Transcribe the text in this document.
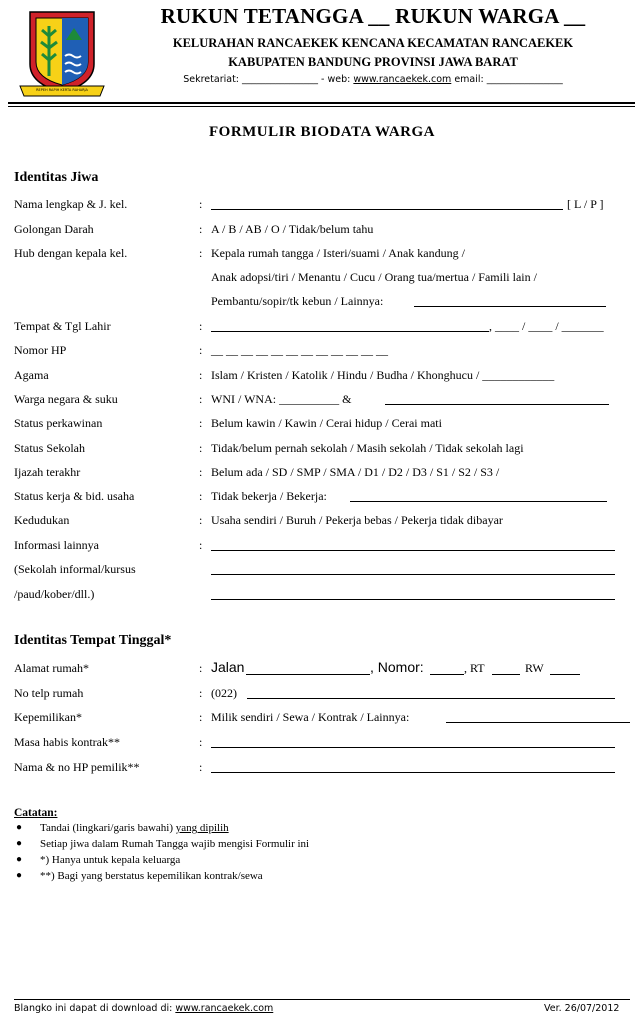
REPEH RAPIH KERTA RAHARJA
RUKUN TETANGGA __ RUKUN WARGA __
KELURAHAN RANCAEKEK KENCANA KECAMATAN RANCAEKEK
KABUPATEN BANDUNG PROVINSI JAWA BARAT
Sekretariat: ________________ - web: www.rancaekek.com email: ________________
FORMULIR BIODATA WARGA
Identitas Jiwa
Nama lengkap & J. kel.	:	[ L / P ]
Golongan Darah	: A / B / AB / O / Tidak/belum tahu
Hub dengan kepala kel.	: Kepala rumah tangga / Isteri/suami / Anak kandung /
Anak adopsi/tiri / Menantu / Cucu / Orang tua/mertua / Famili lain /
Pembantu/sopir/tk kebun / Lainnya:
Tempat & Tgl Lahir	:	, ____ / ____ / _______
Nomor HP	: __ __ __ __ __ __ __ __ __ __ __ __
Agama	: Islam / Kristen / Katolik / Hindu / Budha / Khonghucu / ____________
Warga negara & suku	: WNI / WNA: __________ &
Status perkawinan	: Belum kawin / Kawin / Cerai hidup / Cerai mati
Status Sekolah	: Tidak/belum pernah sekolah / Masih sekolah / Tidak sekolah lagi
Ijazah terakhr	: Belum ada / SD / SMP / SMA / D1 / D2 / D3 / S1 / S2 / S3 /
Status kerja & bid. usaha	: Tidak bekerja / Bekerja:
Kedudukan	: Usaha sendiri / Buruh / Pekerja bebas / Pekerja tidak dibayar
Informasi lainnya	:
(Sekolah informal/kursus
/paud/kober/dll.)
Identitas Tempat Tinggal*
Alamat rumah*	: Jalan	, Nomor:	, RT	RW
No telp rumah	: (022)
Kepemilikan*	: Milik sendiri / Sewa / Kontrak / Lainnya:
Masa habis kontrak**	:
Nama & no HP pemilik**	:
Catatan:
● Tandai (lingkari/garis bawahi) yang dipilih
● Setiap jiwa dalam Rumah Tangga wajib mengisi Formulir ini
● *) Hanya untuk kepala keluarga
● **) Bagi yang berstatus kepemilikan kontrak/sewa
Blangko ini dapat di download di: www.rancaekek.com	Ver. 26/07/2012
